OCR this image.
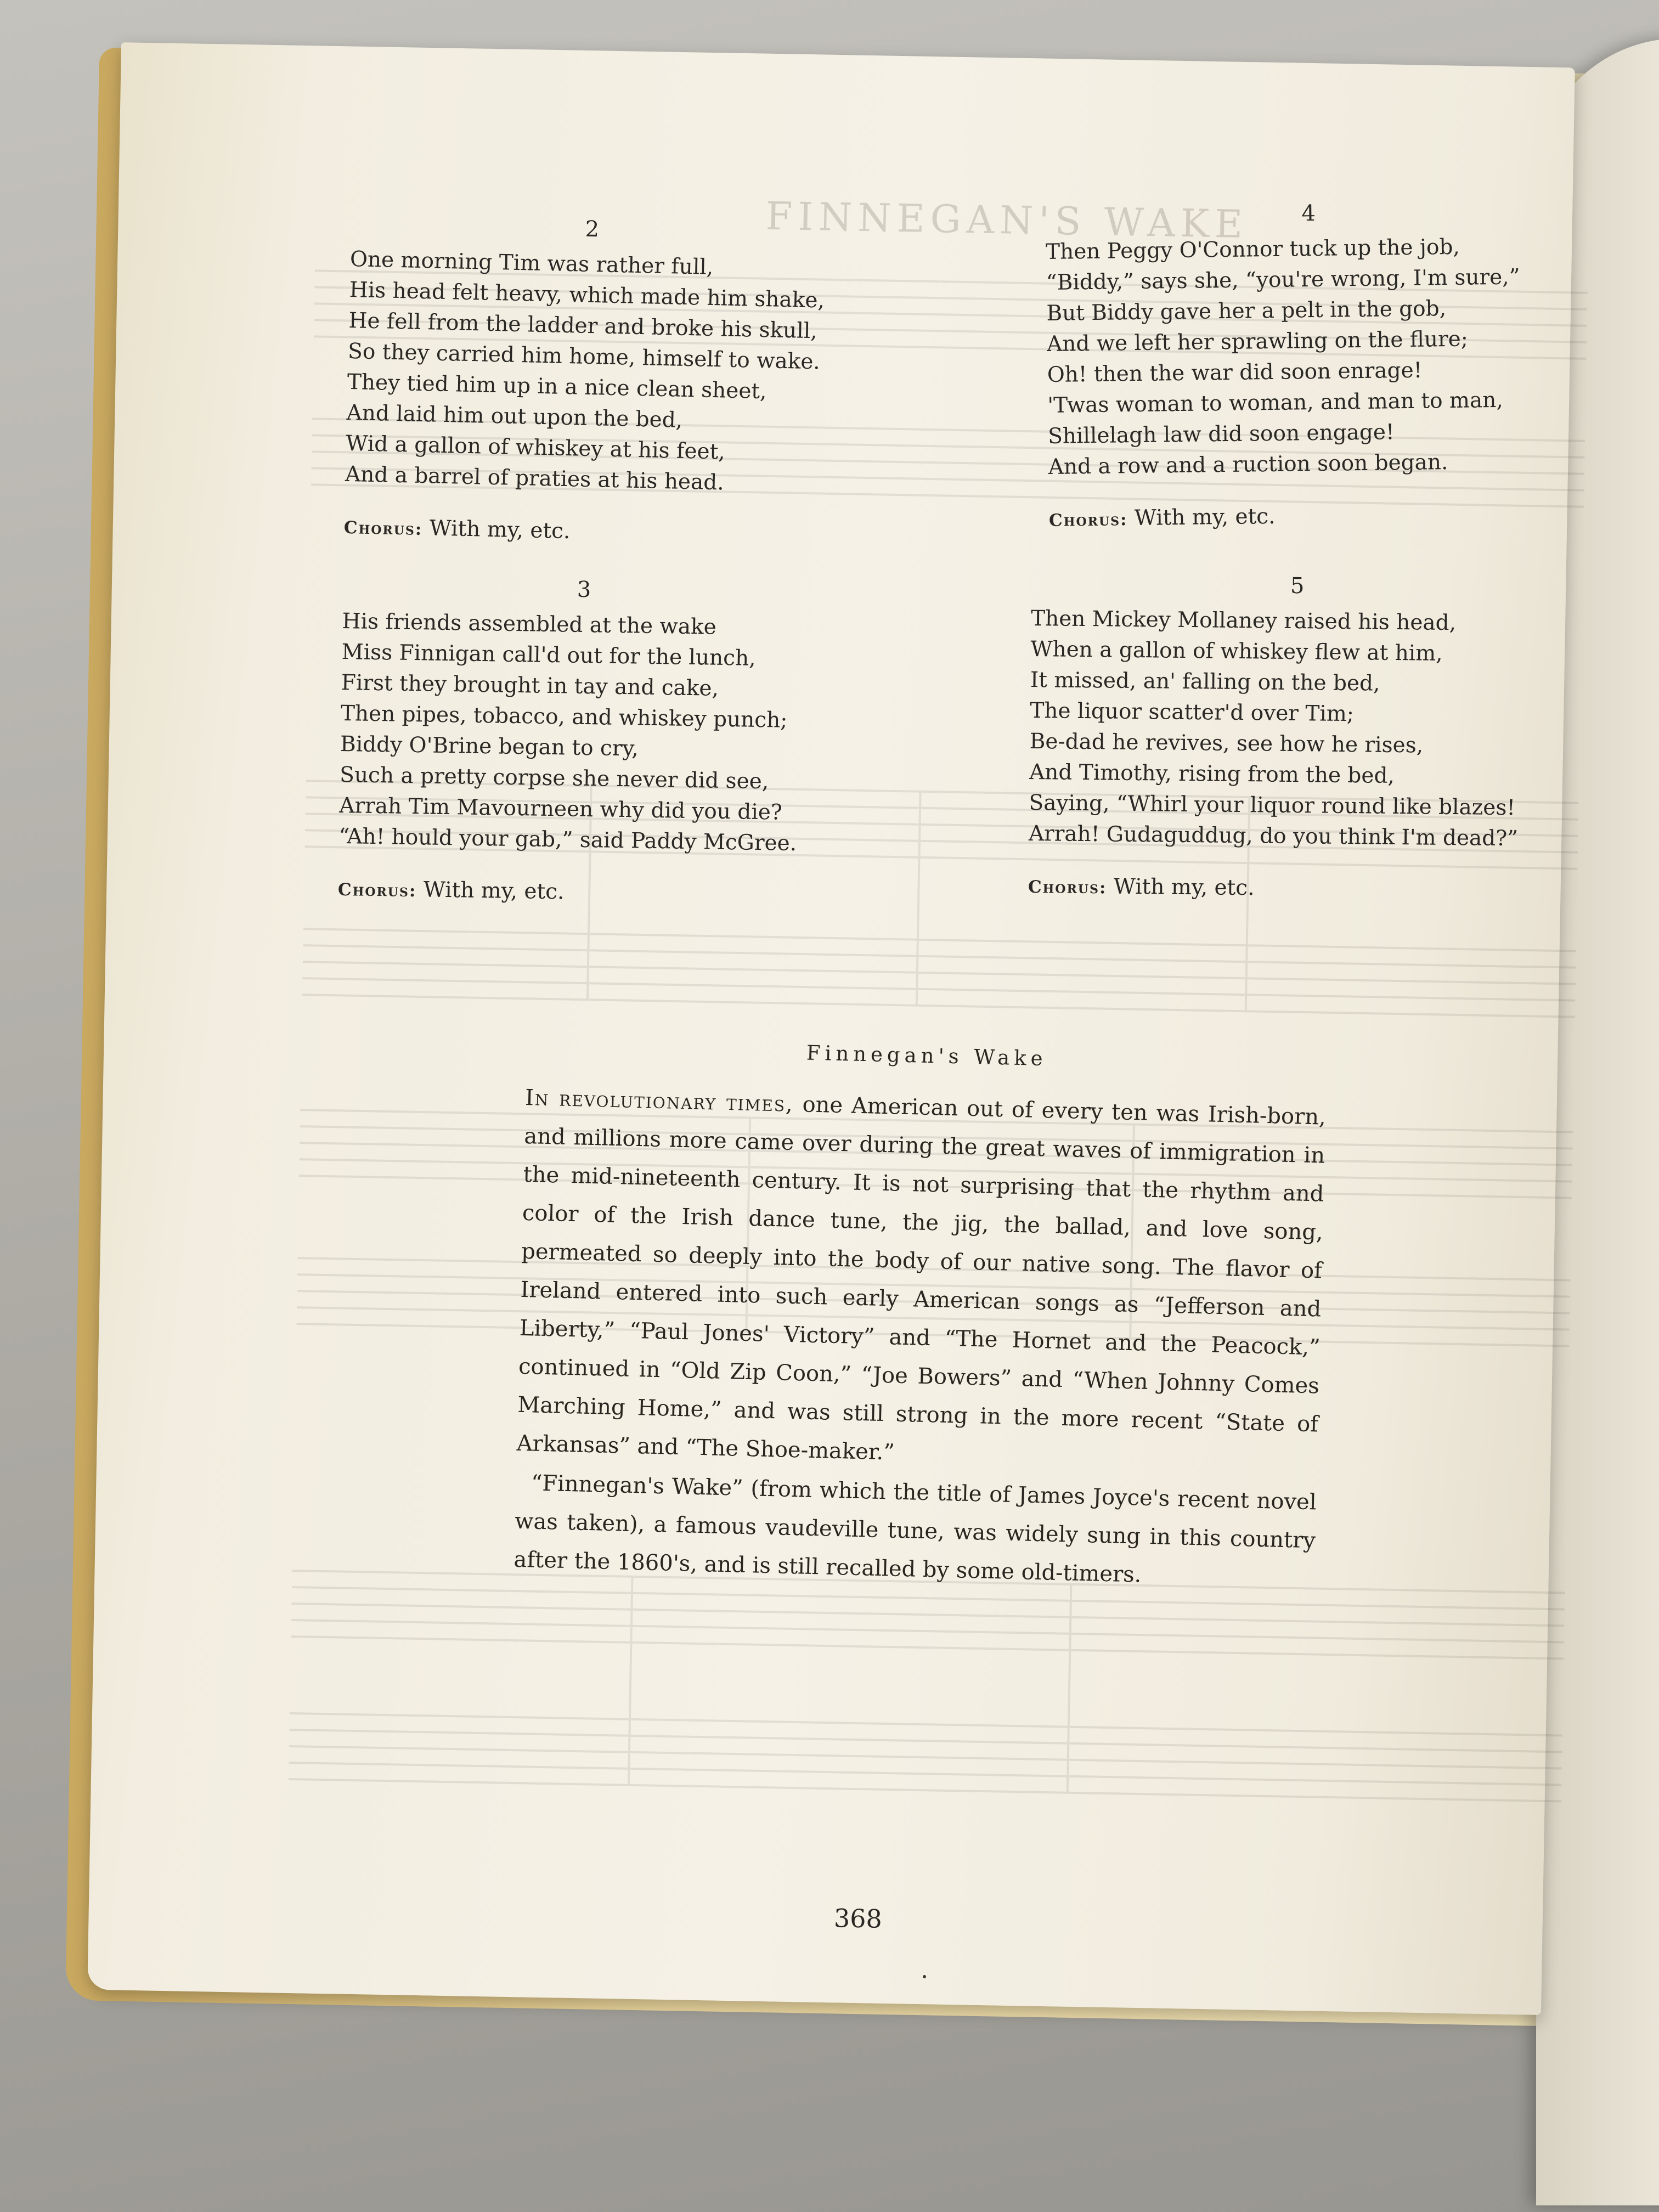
FINNEGAN'S WAKE
2
One morning Tim was rather full,
His head felt heavy, which made him shake,
He fell from the ladder and broke his skull,
So they carried him home, himself to wake.
They tied him up in a nice clean sheet,
And laid him out upon the bed,
Wid a gallon of whiskey at his feet,
And a barrel of praties at his head.
Chorus: With my, etc.
3
His friends assembled at the wake
Miss Finnigan call'd out for the lunch,
First they brought in tay and cake,
Then pipes, tobacco, and whiskey punch;
Biddy O'Brine began to cry,
Such a pretty corpse she never did see,
Arrah Tim Mavourneen why did you die?
“Ah! hould your gab,” said Paddy McGree.
Chorus: With my, etc.
4
Then Peggy O'Connor tuck up the job,
“Biddy,” says she, “you're wrong, I'm sure,”
But Biddy gave her a pelt in the gob,
And we left her sprawling on the flure;
Oh! then the war did soon enrage!
'Twas woman to woman, and man to man,
Shillelagh law did soon engage!
And a row and a ruction soon began.
Chorus: With my, etc.
5
Then Mickey Mollaney raised his head,
When a gallon of whiskey flew at him,
It missed, an' falling on the bed,
The liquor scatter'd over Tim;
Be-dad he revives, see how he rises,
And Timothy, rising from the bed,
Saying, “Whirl your liquor round like blazes!
Arrah! Gudaguddug, do you think I'm dead?”
Chorus: With my, etc.
Finnegan's Wake

In revolutionary times, one American out of every ten was Irish-born, and millions more came over during the great waves of immigration in the mid-nineteenth century. It is not surprising that the rhythm and color of the Irish dance tune, the jig, the ballad, and love song, permeated so deeply into the body of our native song. The flavor of Ireland entered into such early American songs as “Jefferson and Liberty,” “Paul Jones' Victory” and “The Hornet and the Peacock,” continued in “Old Zip Coon,” “Joe Bowers” and “When Johnny Comes Marching Home,” and was still strong in the more recent “State of Arkansas” and “The Shoe-maker.”

“Finnegan's Wake” (from which the title of James Joyce's recent novel was taken), a famous vaudeville tune, was widely sung in this country after the 1860's, and is still recalled by some old-timers.

368
